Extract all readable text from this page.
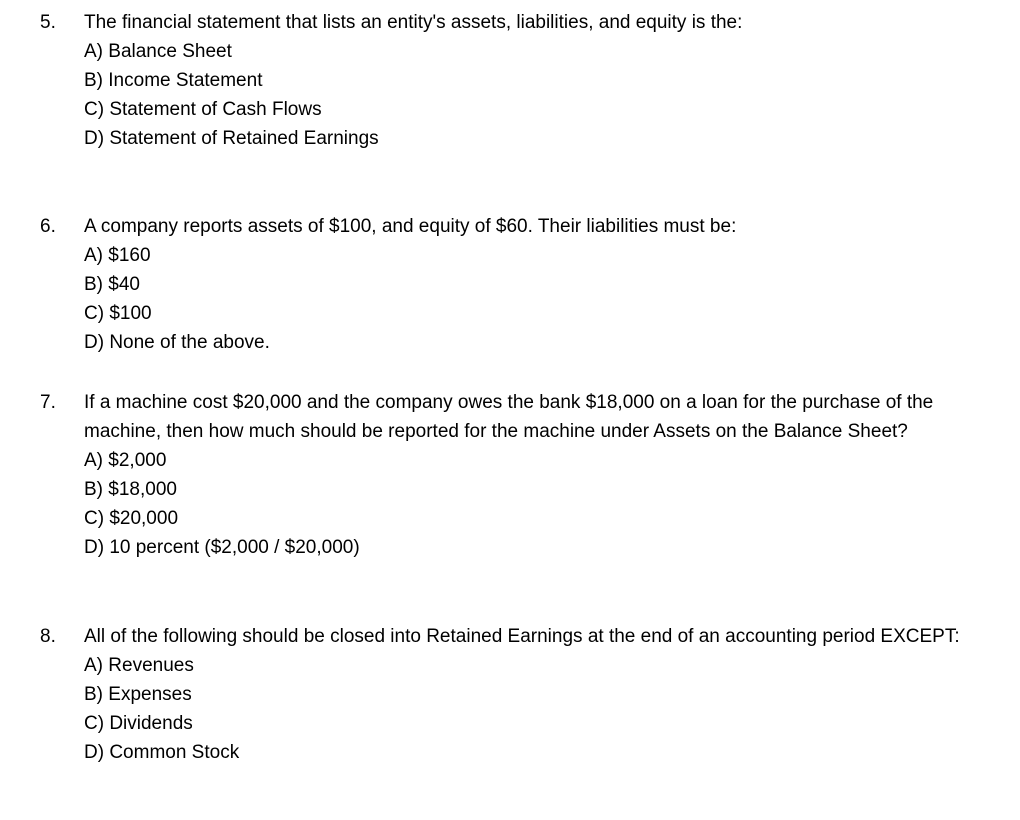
5. The financial statement that lists an entity's assets, liabilities, and equity is the:
A) Balance Sheet
B) Income Statement
C) Statement of Cash Flows
D) Statement of Retained Earnings
6. A company reports assets of $100, and equity of $60. Their liabilities must be:
A) $160
B) $40
C) $100
D) None of the above.
7. If a machine cost $20,000 and the company owes the bank $18,000 on a loan for the purchase of the machine, then how much should be reported for the machine under Assets on the Balance Sheet?
A) $2,000
B) $18,000
C) $20,000
D) 10 percent ($2,000 / $20,000)
8. All of the following should be closed into Retained Earnings at the end of an accounting period EXCEPT:
A) Revenues
B) Expenses
C) Dividends
D) Common Stock
